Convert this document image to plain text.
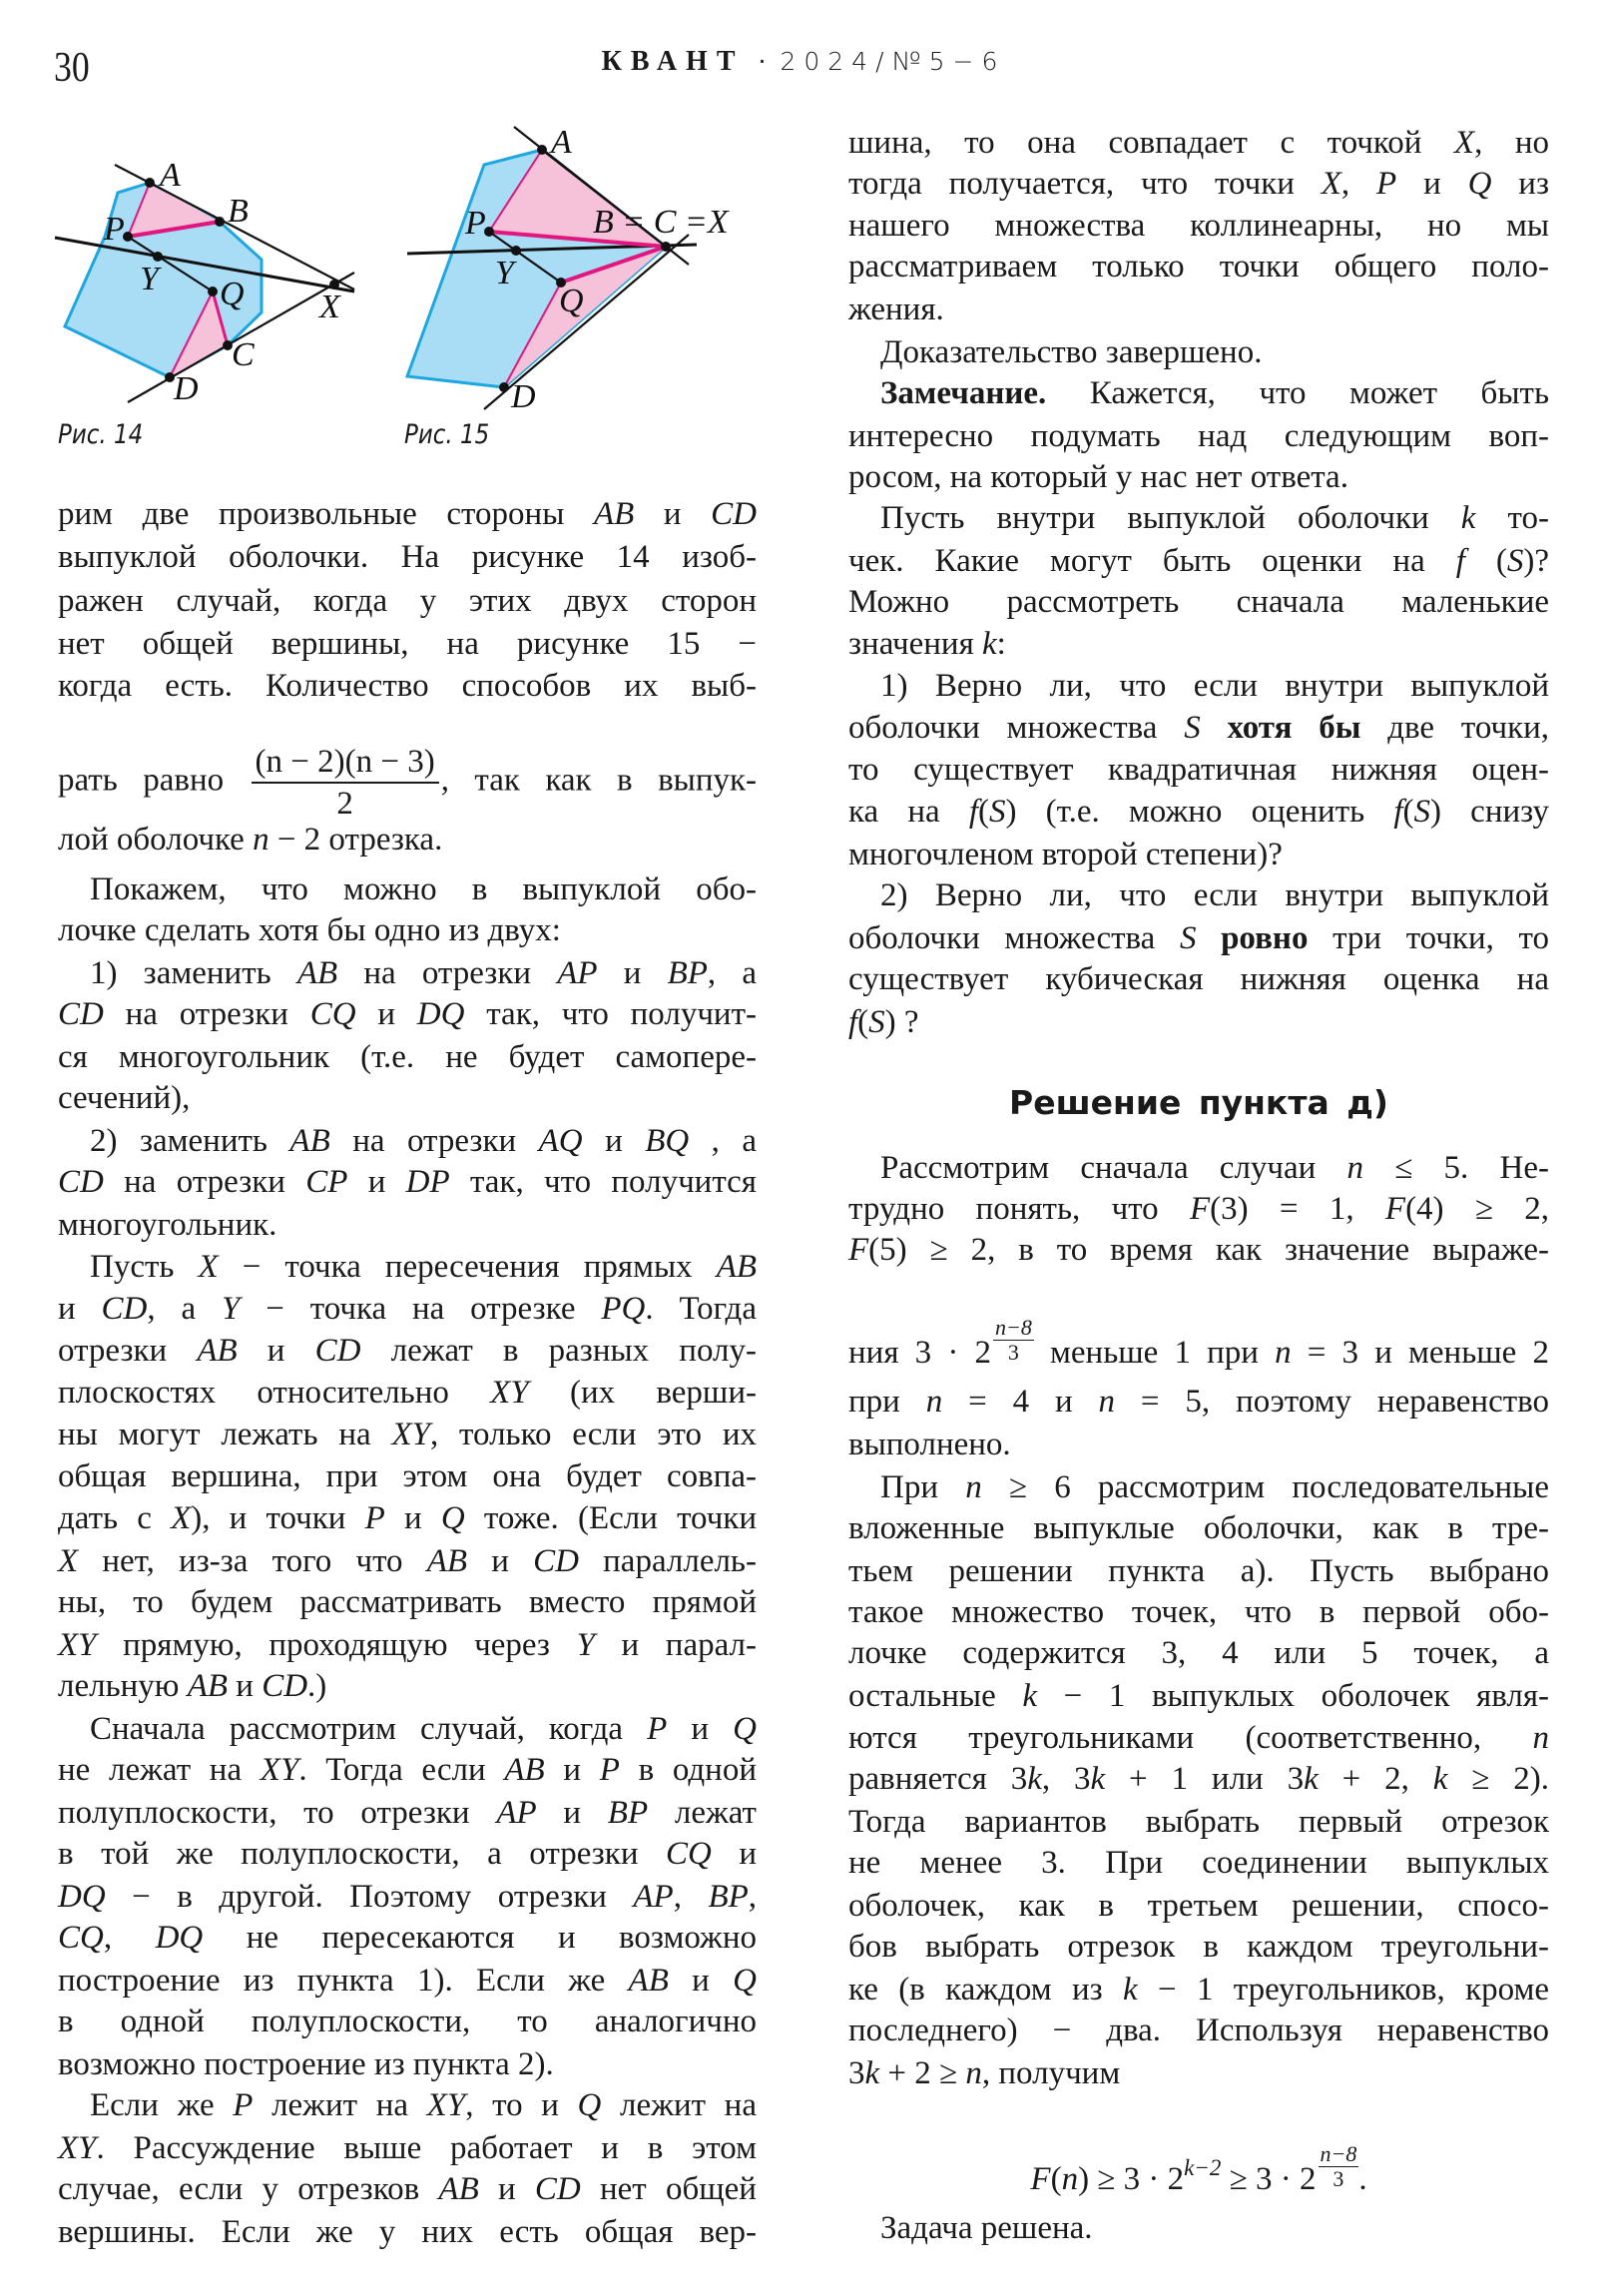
30	КВАНТ · 2024/№5−6
A
B
P
Y Q X
C
D
Рис. 14
A
P	B = C =X
Y
Q
D
Рис. 15
рим две произвольные стороны AB и CD
выпуклой оболочки. На рисунке 14 изоб-
ражен случай, когда у этих двух сторон
нет общей вершины, на рисунке 15 −
когда есть. Количество способов их выб-
рать равно $\frac{(n - 2)(n - 3)}{2}$ , так как в выпук-
лой оболочке n − 2 отрезка.
Покажем, что можно в выпуклой обо-
лочке сделать хотя бы одно из двух:
1) заменить AB на отрезки AP и BP, а
CD на отрезки CQ и DQ так, что получит-
ся многоугольник (т.е. не будет самопере-
сечений),
2) заменить AB на отрезки AQ и BQ , а
CD на отрезки CP и DP так, что получится
многоугольник.
Пусть X − точка пересечения прямых AB
и CD, а Y − точка на отрезке PQ. Тогда
отрезки AB и CD лежат в разных полу-
плоскостях относительно XY (их верши-
ны могут лежать на XY, только если это их
общая вершина, при этом она будет совпа-
дать с X), и точки P и Q тоже. (Если точки
X нет, из-за того что AB и CD параллель-
ны, то будем рассматривать вместо прямой
XY прямую, проходящую через Y и парал-
лельную AB и CD.)
Сначала рассмотрим случай, когда P и Q
не лежат на XY. Тогда если AB и P в одной
полуплоскости, то отрезки AP и BP лежат
в той же полуплоскости, а отрезки CQ и
DQ − в другой. Поэтому отрезки AP, BP,
CQ, DQ не пересекаются и возможно
построение из пункта 1). Если же AB и Q
в одной полуплоскости, то аналогично
возможно построение из пункта 2).
Если же P лежит на XY, то и Q лежит на
XY. Рассуждение выше работает и в этом
случае, если у отрезков AB и CD нет общей
вершины. Если же у них есть общая вер-
шина, то она совпадает с точкой X, но
тогда получается, что точки X, P и Q из
нашего множества коллинеарны, но мы
рассматриваем только точки общего поло-
жения.
Доказательство завершено.
Замечание. Кажется, что может быть
интересно подумать над следующим воп-
росом, на который у нас нет ответа.
Пусть внутри выпуклой оболочки k то-
чек. Какие могут быть оценки на f (S)?
Можно рассмотреть сначала маленькие
значения k:
1) Верно ли, что если внутри выпуклой
оболочки множества S хотя бы две точки,
то существует квадратичная нижняя оцен-
ка на f(S) (т.е. можно оценить f(S) снизу
многочленом второй степени)?
2) Верно ли, что если внутри выпуклой
оболочки множества S ровно три точки, то
существует кубическая нижняя оценка на
f(S) ?
Рассмотрим сначала случаи n ≤ 5. Не-
трудно понять, что F(3) = 1, F(4) ≥ 2,
F(5) ≥ 2, в то время как значение выраже-
ния $3 \cdot 2 \frac{n-8}{3}$ меньше 1 при n = 3 и меньше 2
при n = 4 и n = 5, поэтому неравенство
выполнено.
При n ≥ 6 рассмотрим последовательные
вложенные выпуклые оболочки, как в тре-
тьем решении пункта а). Пусть выбрано
такое множество точек, что в первой обо-
лочке содержится 3, 4 или 5 точек, а
остальные k − 1 выпуклых оболочек явля-
ются треугольниками (соответственно, n
равняется 3k, 3k + 1 или 3k + 2, k ≥ 2).
Тогда вариантов выбрать первый отрезок
не менее 3. При соединении выпуклых
оболочек, как в третьем решении, спосо-
бов выбрать отрезок в каждом треугольни-
ке (в каждом из k − 1 треугольников, кроме
последнего) − два. Используя неравенство
3k + 2 ≥ n, получим
$F(n) \ge 3 \cdot 2^{k-2} \ge 3 \cdot 2 \frac{n-8}{3}$ .
Задача решена.
Решение пункта д)
